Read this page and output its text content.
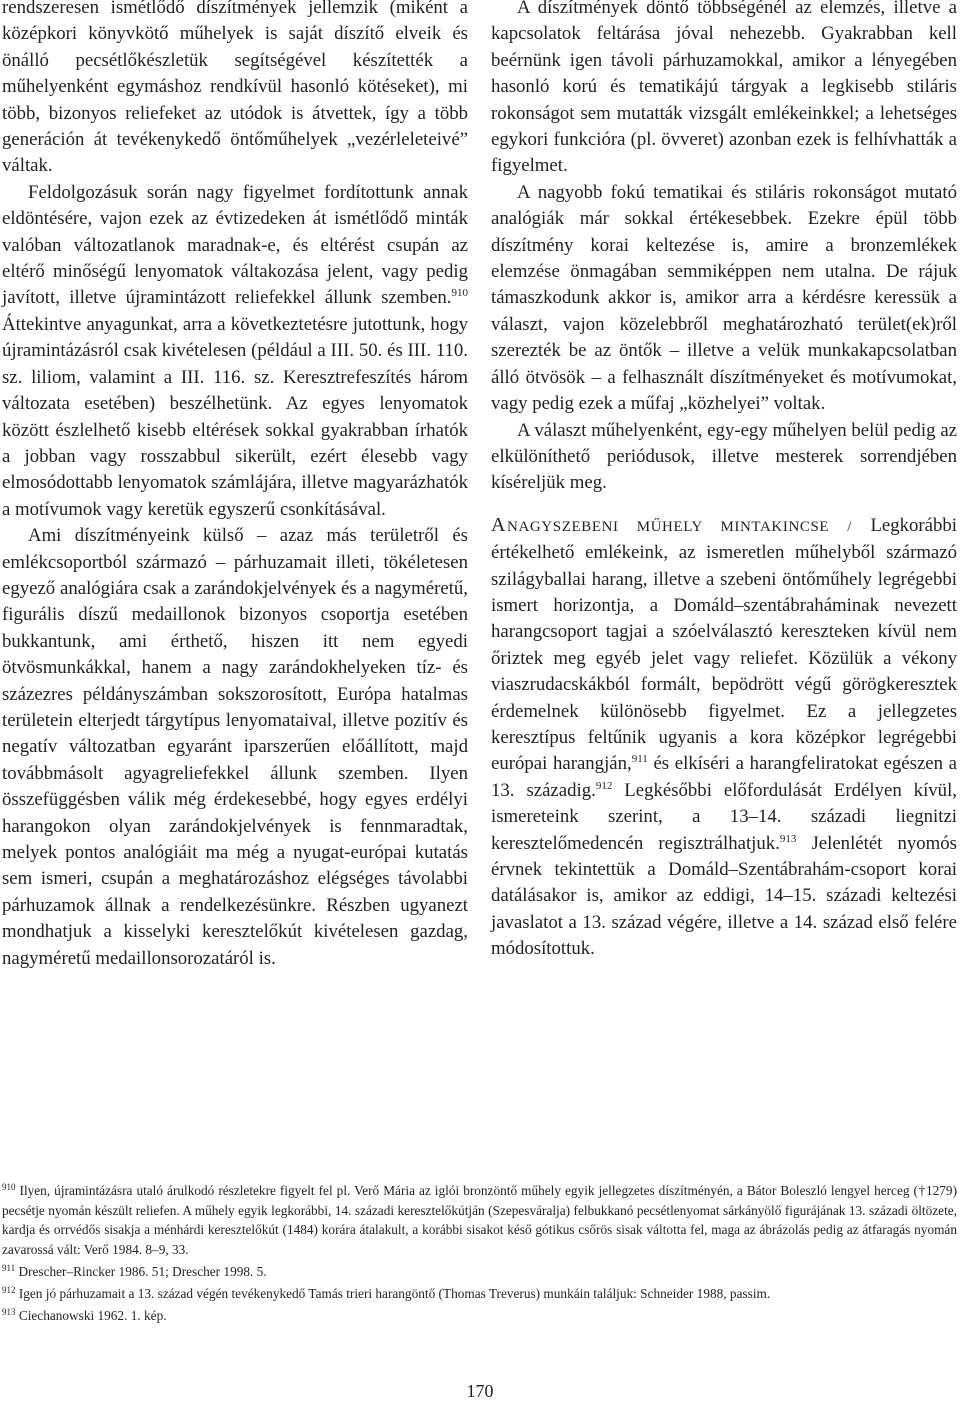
rendszeresen ismétlődő díszítmények jellemzik (miként a középkori könyvkötő műhelyek is saját díszítő elveik és önálló pecsétlőkészletük segítségével készítették a műhelyenként egymáshoz rendkívül hasonló kötéseket), mi több, bizonyos reliefeket az utódok is átvettek, így a több generáción át tevékenykedő öntőműhelyek „vezérleleteivé” váltak.

Feldolgozásuk során nagy figyelmet fordítottunk annak eldöntésére, vajon ezek az évtizedeken át ismétlődő minták valóban változatlanok maradnak-e, és eltérést csupán az eltérő minőségű lenyomatok váltakozása jelent, vagy pedig javított, illetve újramintázott reliefekkel állunk szemben.$^{910}$ Áttekintve anyagunkat, arra a következtetésre jutottunk, hogy újramintázásról csak kivételesen (például a III. 50. és III. 110. sz. liliom, valamint a III. 116. sz. Keresztrefeszítés három változata esetében) beszélhetünk. Az egyes lenyomatok között észlelhető kisebb eltérések sokkal gyakrabban írhatók a jobban vagy rosszabbul sikerült, ezért élesebb vagy elmosódottabb lenyomatok számlájára, illetve magyarázhatók a motívumok vagy keretük egyszerű csonkításával.

Ami díszítményeink külső – azaz más területről és emlékcsoportból származó – párhuzamait illeti, tökéletesen egyező analógiára csak a zarándokjelvények és a nagyméretű, figurális díszű medaillonok bizonyos csoportja esetében bukkantunk, ami érthető, hiszen itt nem egyedi ötvösmunkákkal, hanem a nagy zarándokhelyeken tíz- és százezres példányszámban sokszorosított, Európa hatalmas területein elterjedt tárgytípus lenyomataival, illetve pozitív és negatív változatban egyaránt iparszerűen előállított, majd továbbmásolt agyagreliefekkel állunk szemben. Ilyen összefüggésben válik még érdekesebbé, hogy egyes erdélyi harangokon olyan zarándokjelvények is fennmaradtak, melyek pontos analógiáit ma még a nyugat-európai kutatás sem ismeri, csupán a meghatározáshoz elégséges távolabbi párhuzamok állnak a rendelkezésünkre. Részben ugyanezt mondhatjuk a kisselyki keresztelőkút kivételesen gazdag, nagyméretű medaillonsorozatáról is.

A díszítmények döntő többségénél az elemzés, illetve a kapcsolatok feltárása jóval nehezebb. Gyakrabban kell beérnünk igen távoli párhuzamokkal, amikor a lényegében hasonló korú és tematikájú tárgyak a legkisebb stiláris rokonságot sem mutatták vizsgált emlékeinkkel; a lehetséges egykori funkcióra (pl. övveret) azonban ezek is felhívhatták a figyelmet.

A nagyobb fokú tematikai és stiláris rokonságot mutató analógiák már sokkal értékesebbek. Ezekre épül több díszítmény korai keltezése is, amire a bronzemlékek elemzése önmagában semmiképpen nem utalna. De rájuk támaszkodunk akkor is, amikor arra a kérdésre keressük a választ, vajon közelebbről meghatározható terület(ek)ről szerezték be az öntők – illetve a velük munkakapcsolatban álló ötvösök – a felhasznált díszítményeket és motívumokat, vagy pedig ezek a műfaj „közhelyei” voltak.

A választ műhelyenként, egy-egy műhelyen belül pedig az elkülöníthető periódusok, illetve mesterek sorrendjében kíséreljük meg.

A  NAGYSZEBENI MŰHELY MINTAKINCSE / Legkorábbi értékelhető emlékeink, az ismeretlen műhelyből származó szilágyballai harang, illetve a szebeni öntőműhely legrégebbi ismert horizontja, a Domáld–szentábraháminak nevezett harangcsoport tagjai a szóelválasztó kereszteken kívül nem őriztek meg egyéb jelet vagy reliefet. Közülük a vékony viaszrudacskákból formált, bepödrött végű görögkeresztek érdemelnek különösebb figyelmet. Ez a jellegzetes keresztípus feltűnik ugyanis a kora középkor legrégebbi európai harangján,$^{911}$ és elkíséri a harangfeliratokat egészen a 13. századig.$^{912}$ Legkésőbbi előfordulását Erdélyen kívül, ismereteink szerint, a 13–14. századi liegnitzi keresztelőmedencén regisztrálhatjuk.$^{913}$ Jelenlétét nyomós érvnek tekintettük a Domáld–Szentábrahám-csoport korai datálásakor is, amikor az eddigi, 14–15. századi keltezési javaslatot a 13. század végére, illetve a 14. század első felére módosítottuk.

$^{910}$ Ilyen, újramintázásra utaló árulkodó részletekre figyelt fel pl. Verő Mária az iglói bronzöntő műhely egyik jellegzetes díszítményén, a Bátor Boleszló lengyel herceg (†1279) pecsétje nyomán készült reliefen. A műhely egyik legkorábbi, 14. századi keresztelőkútján (Szepesváralja) felbukkanó pecsétlenyomat sárkányölő figurájának 13. századi öltözete, kardja és orrvédős sisakja a ménhárdi keresztelőkút (1484) korára átalakult, a korábbi sisakot késő gótikus csőrös sisak váltotta fel, maga az ábrázolás pedig az átfaragás nyomán zavarossá vált: Verő 1984. 8–9, 33.

$^{911}$ Drescher–Rincker 1986. 51; Drescher 1998. 5.

$^{912}$ Igen jó párhuzamait a 13. század végén tevékenykedő Tamás trieri harangöntő (Thomas Treverus) munkáin találjuk: Schneider 1988, passim.

$^{913}$ Ciechanowski 1962. 1. kép.

170
